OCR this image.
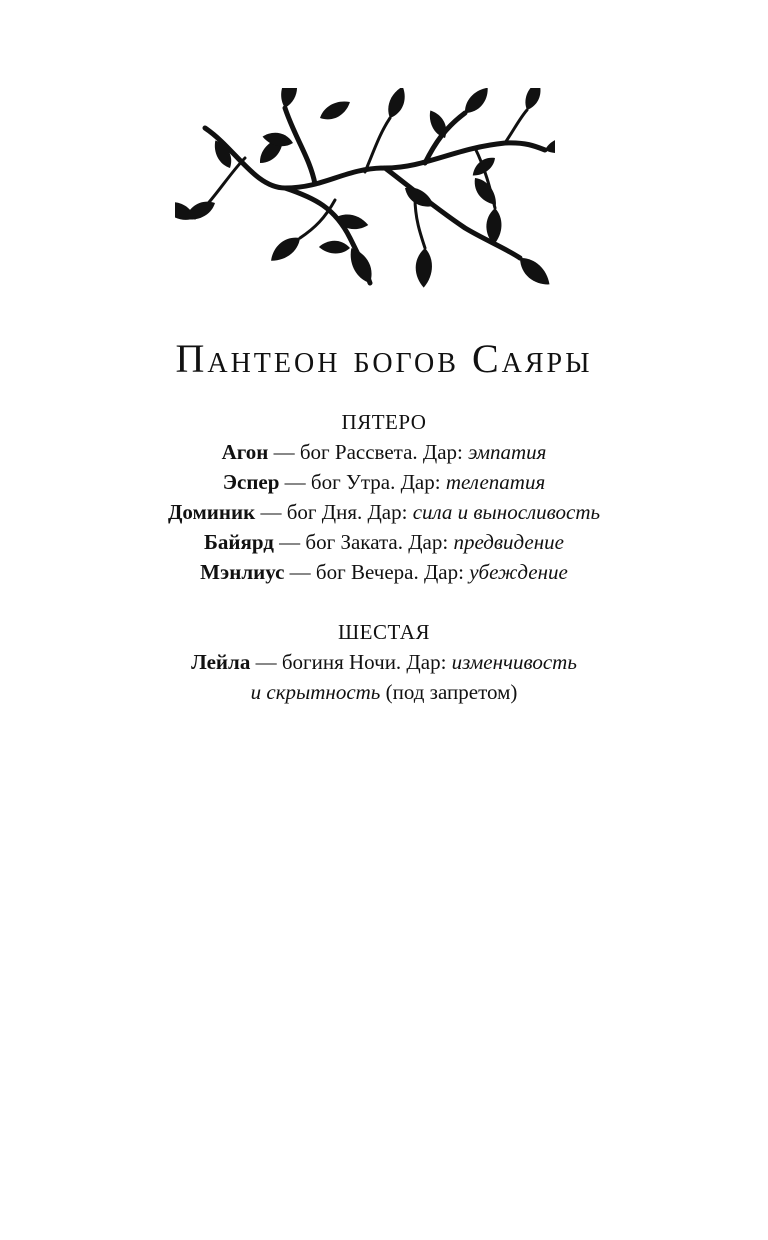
Пантеон богов Саяры
ПЯТЕРО
Агон — бог Рассвета. Дар: эмпатия
Эспер — бог Утра. Дар: телепатия
Доминик — бог Дня. Дар: сила и выносливость
Байярд — бог Заката. Дар: предвидение
Мэнлиус — бог Вечера. Дар: убеждение
ШЕСТАЯ
Лейла — богиня Ночи. Дар: изменчивость
и скрытность (под запретом)
